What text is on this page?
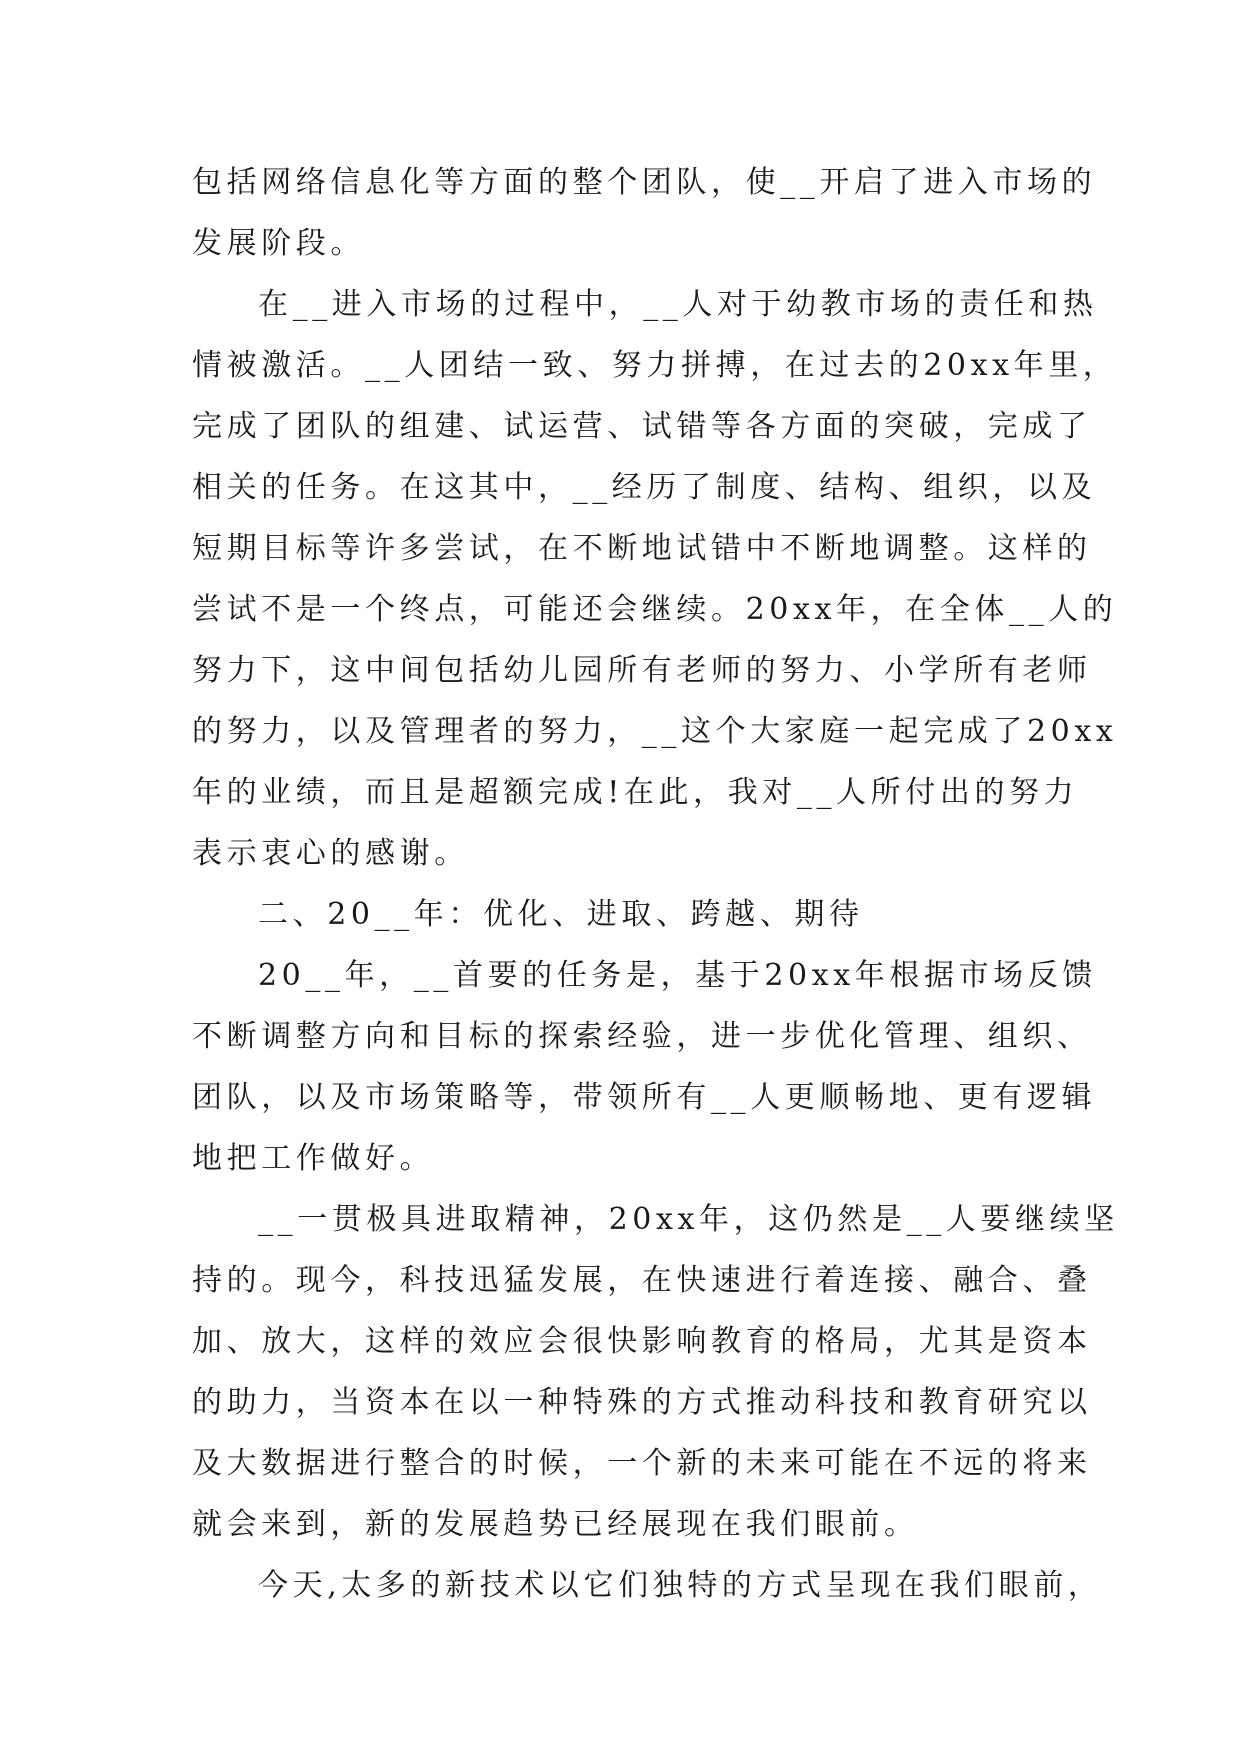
包括网络信息化等方面的整个团队，使__开启了进入市场的
发展阶段。

在__进入市场的过程中，__人对于幼教市场的责任和热
情被激活。__人团结一致、努力拼搏，在过去的20xx年里，
完成了团队的组建、试运营、试错等各方面的突破，完成了
相关的任务。在这其中，__经历了制度、结构、组织，以及
短期目标等许多尝试，在不断地试错中不断地调整。这样的
尝试不是一个终点，可能还会继续。20xx年，在全体__人的
努力下，这中间包括幼儿园所有老师的努力、小学所有老师
的努力，以及管理者的努力，__这个大家庭一起完成了20xx
年的业绩，而且是超额完成!在此，我对__人所付出的努力
表示衷心的感谢。

二、20__年：优化、进取、跨越、期待

20__年，__首要的任务是，基于20xx年根据市场反馈
不断调整方向和目标的探索经验，进一步优化管理、组织、
团队，以及市场策略等，带领所有__人更顺畅地、更有逻辑
地把工作做好。

__一贯极具进取精神，20xx年，这仍然是__人要继续坚
持的。现今，科技迅猛发展，在快速进行着连接、融合、叠
加、放大，这样的效应会很快影响教育的格局，尤其是资本
的助力，当资本在以一种特殊的方式推动科技和教育研究以
及大数据进行整合的时候，一个新的未来可能在不远的将来
就会来到，新的发展趋势已经展现在我们眼前。

今天,太多的新技术以它们独特的方式呈现在我们眼前，
